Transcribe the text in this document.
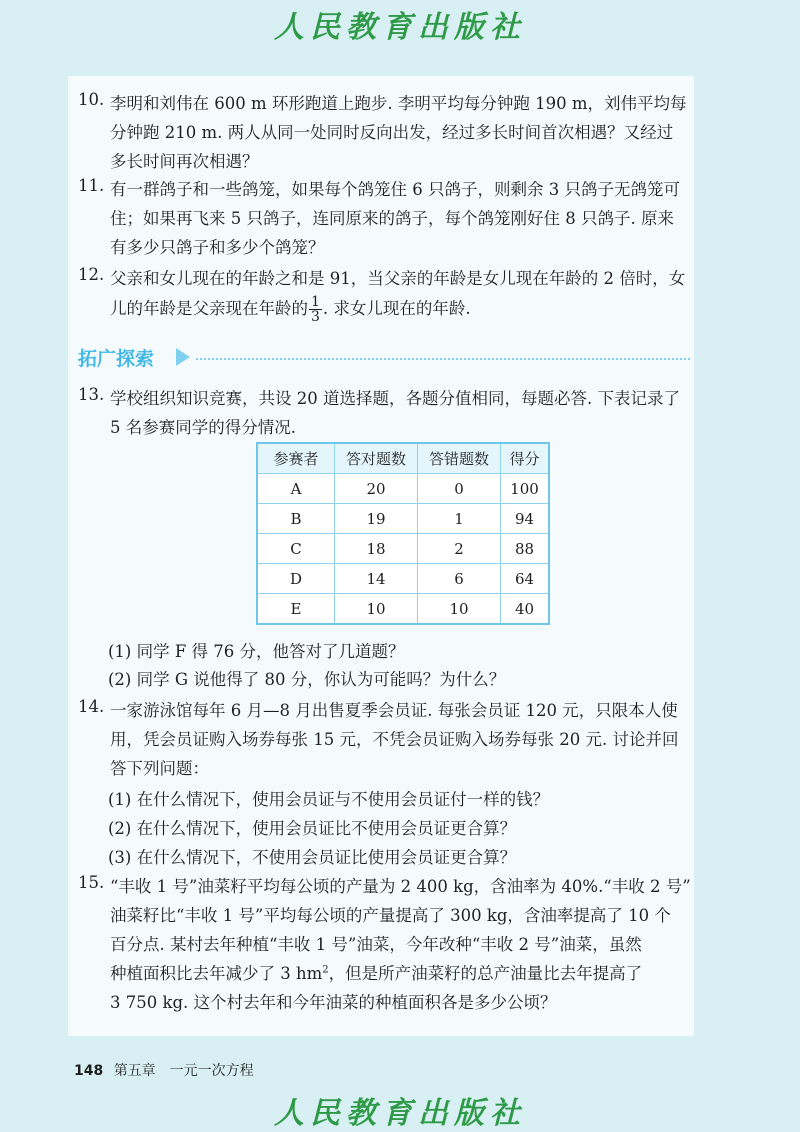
人民教育出版社
10. 李明和刘伟在 600 m 环形跑道上跑步. 李明平均每分钟跑 190 m，刘伟平均每
分钟跑 210 m. 两人从同一处同时反向出发，经过多长时间首次相遇？又经过
多长时间再次相遇？
11. 有一群鸽子和一些鸽笼，如果每个鸽笼住 6 只鸽子，则剩余 3 只鸽子无鸽笼可
住；如果再飞来 5 只鸽子，连同原来的鸽子，每个鸽笼刚好住 8 只鸽子. 原来
有多少只鸽子和多少个鸽笼？
12. 父亲和女儿现在的年龄之和是 91，当父亲的年龄是女儿现在年龄的 2 倍时，女
儿的年龄是父亲现在年龄的 $\frac{1}{3}$ . 求女儿现在的年龄.
拓广探索
13. 学校组织知识竞赛，共设 20 道选择题，各题分值相同，每题必答. 下表记录了
5 名参赛同学的得分情况.
参赛者	答对题数	答错题数	得分
A	20	0	100
B	19	1	94
C	18	2	88
D	14	6	64
E	10	10	40
(1) 同学 F 得 76 分，他答对了几道题？
(2) 同学 G 说他得了 80 分，你认为可能吗？为什么？
14. 一家游泳馆每年 6 月—8 月出售夏季会员证. 每张会员证 120 元，只限本人使
用，凭会员证购入场券每张 15 元，不凭会员证购入场券每张 20 元. 讨论并回
答下列问题：
(1) 在什么情况下，使用会员证与不使用会员证付一样的钱？
(2) 在什么情况下，使用会员证比不使用会员证更合算？
(3) 在什么情况下，不使用会员证比使用会员证更合算？
15. “丰收 1 号”油菜籽平均每公顷的产量为 2 400 kg，含油率为 40%.“丰收 2 号”
油菜籽比“丰收 1 号”平均每公顷的产量提高了 300 kg，含油率提高了 10 个
百分点. 某村去年种植“丰收 1 号”油菜，今年改种“丰收 2 号”油菜，虽然
种植面积比去年减少了 3 $hm^2$，但是所产油菜籽的总产油量比去年提高了
3 750 kg. 这个村去年和今年油菜的种植面积各是多少公顷？
148 第五章　一元一次方程
人民教育出版社
